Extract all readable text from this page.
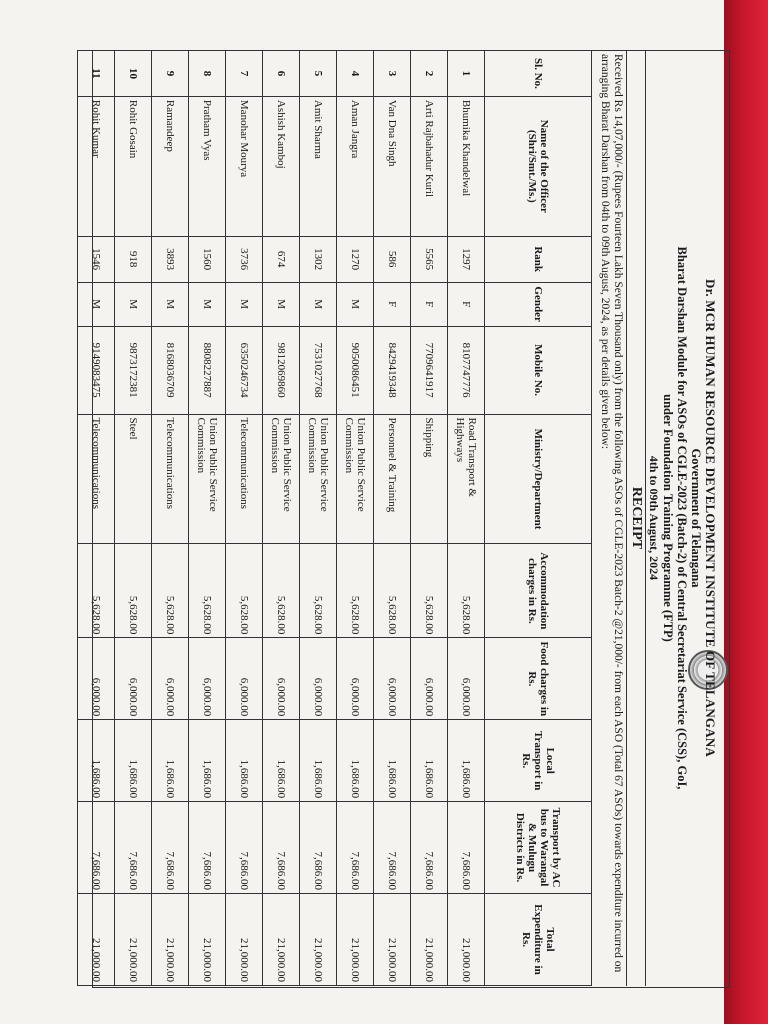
Dr. MCR HUMAN RESOURCE DEVELOPMENT INSTITUTE OF TELANGANA
Government of Telangana
Bharat Darshan Module for ASOs of CGLE-2023 (Batch-2) of Central Secretariat Service (CSS), GoI,
under Foundation Training Programme (FTP)
4th to 09th August, 2024
RECEIPT
Received Rs 14,07,000/- (Rupees Fourteen Lakh Seven Thousand only) from the following ASOs of CGLE-2023 Batch-2 @21,000/- from each ASO (Total 67 ASOs) towards expenditure incurred on arranging Bharat Darshan from 04th to 09th August, 2024, as per details given below:
Sl. No.	Name of the Officer (Shri/Smt./Ms.)	Rank	Gender	Mobile No.	Ministry/Department	Accommodation charges in Rs.	Food charges in Rs.	Local Transport in Rs.	Transport by AC bus to Warangal & Mulugu Districts in Rs.	Total Expenditure in Rs.
1	Bhumika Khandelwal	1297	F	8107747776	Road Transport & Highways	5,628.00	6,000.00	1,686.00	7,686.00	21,000.00
2	Arti Rajbahadur Kuril	5565	F	7709641917	Shipping	5,628.00	6,000.00	1,686.00	7,686.00	21,000.00
3	Van Dna Singh	586	F	8429419348	Personnel & Training	5,628.00	6,000.00	1,686.00	7,686.00	21,000.00
4	Aman Jangra	1270	M	9050086451	Union Public Service Commission	5,628.00	6,000.00	1,686.00	7,686.00	21,000.00
5	Amit Sharma	1302	M	7531027768	Union Public Service Commission	5,628.00	6,000.00	1,686.00	7,686.00	21,000.00
6	Ashish Kamboj	674	M	9812069860	Union Public Service Commission	5,628.00	6,000.00	1,686.00	7,686.00	21,000.00
7	Manohar Mourya	3736	M	6350246734	Telecommunications	5,628.00	6,000.00	1,686.00	7,686.00	21,000.00
8	Pratham Vyas	1560	M	8808227887	Union Public Service Commission	5,628.00	6,000.00	1,686.00	7,686.00	21,000.00
9	Ramandeep	3893	M	8168036709	Telecommunications	5,628.00	6,000.00	1,686.00	7,686.00	21,000.00
10	Rohit Gosain	918	M	9873172381	Steel	5,628.00	6,000.00	1,686.00	7,686.00	21,000.00
11	Rohit Kumar	1546	M	9149083475	Telecommunications	5,628.00	6,000.00	1,686.00	7,686.00	21,000.00
